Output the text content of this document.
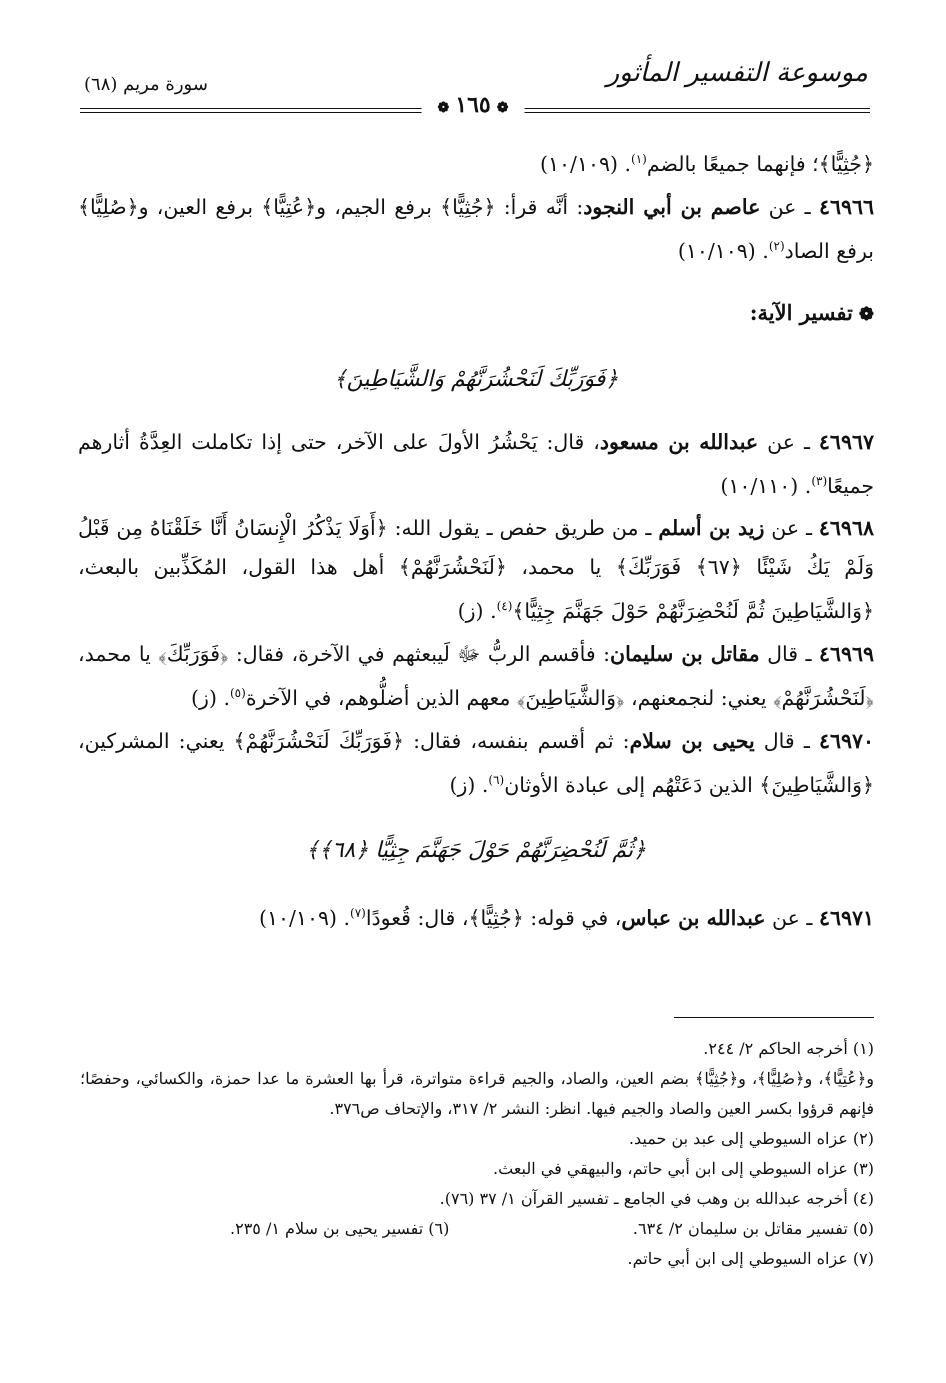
موسوعة التفسير المأثور
سورة مريم (٦٨)
❁١٦٥❁

﴿جُثِيًّا﴾؛ فإنهما جميعًا بالضم$^{(١)}$. (١٠/١٠٩)

٤٦٩٦٦ ـ عن عاصم بن أبي النجود: أنَّه قرأ: ﴿جُثِيًّا﴾ برفع الجيم، و﴿عُتِيًّا﴾ برفع العين، و﴿صُلِيًّا﴾ برفع الصاد$^{(٢)}$. (١٠/١٠٩)

❁تفسير الآية:
﴿فَوَرَبِّكَ لَنَحْشُرَنَّهُمْ وَالشَّيَاطِينَ﴾

٤٦٩٦٧ ـ عن عبدالله بن مسعود، قال: يَحْشُرُ الأولَ على الآخر، حتى إذا تكاملت العِدَّةُ أثارهم جميعًا$^{(٣)}$. (١٠/١١٠)

٤٦٩٦٨ ـ عن زيد بن أسلم ـ من طريق حفص ـ يقول الله: ﴿أَوَلَا يَذْكُرُ الْإِنسَانُ أَنَّا خَلَقْنَاهُ مِن قَبْلُ وَلَمْ يَكُ شَيْئًا ﴿٦٧﴾ فَوَرَبِّكَ﴾ يا محمد، ﴿لَنَحْشُرَنَّهُمْ﴾ أهل هذا القول، المُكَذِّبين بالبعث، ﴿وَالشَّيَاطِينَ ثُمَّ لَنُحْضِرَنَّهُمْ حَوْلَ جَهَنَّمَ جِثِيًّا﴾$^{(٤)}$. (ز)

٤٦٩٦٩ ـ قال مقاتل بن سليمان: فأقسم الربُّ ﷻ لَيبعثهم في الآخرة، فقال: ﴿فَوَرَبِّكَ﴾ يا محمد، ﴿لَنَحْشُرَنَّهُمْ﴾ يعني: لنجمعنهم، ﴿وَالشَّيَاطِينَ﴾ معهم الذين أضلُّوهم، في الآخرة$^{(٥)}$. (ز)

٤٦٩٧٠ ـ قال يحيى بن سلام: ثم أقسم بنفسه، فقال: ﴿فَوَرَبِّكَ لَنَحْشُرَنَّهُمْ﴾ يعني: المشركين، ﴿وَالشَّيَاطِينَ﴾ الذين دَعَتْهُم إلى عبادة الأوثان$^{(٦)}$. (ز)

﴿ثُمَّ لَنُحْضِرَنَّهُمْ حَوْلَ جَهَنَّمَ جِثِيًّا ﴿٦٨﴾﴾

٤٦٩٧١ ـ عن عبدالله بن عباس، في قوله: ﴿جُثِيًّا﴾، قال: قُعودًا$^{(٧)}$. (١٠/١٠٩)

(١) أخرجه الحاكم ٢/ ٢٤٤.

و﴿عُتِيًّا﴾، و﴿صُلِيًّا﴾، و﴿جُثِيًّا﴾ بضم العين، والصاد، والجيم قراءة متواترة، قرأ بها العشرة ما عدا حمزة، والكسائي، وحفصًا؛ فإنهم قرؤوا بكسر العين والصاد والجيم فيها. انظر: النشر ٢/ ٣١٧، والإتحاف ص٣٧٦.

(٢) عزاه السيوطي إلى عبد بن حميد.

(٣) عزاه السيوطي إلى ابن أبي حاتم، والبيهقي في البعث.

(٤) أخرجه عبدالله بن وهب في الجامع ـ تفسير القرآن ١/ ٣٧ (٧٦).

(٥) تفسير مقاتل بن سليمان ٢/ ٦٣٤.
(٦) تفسير يحيى بن سلام ١/ ٢٣٥.

(٧) عزاه السيوطي إلى ابن أبي حاتم.
